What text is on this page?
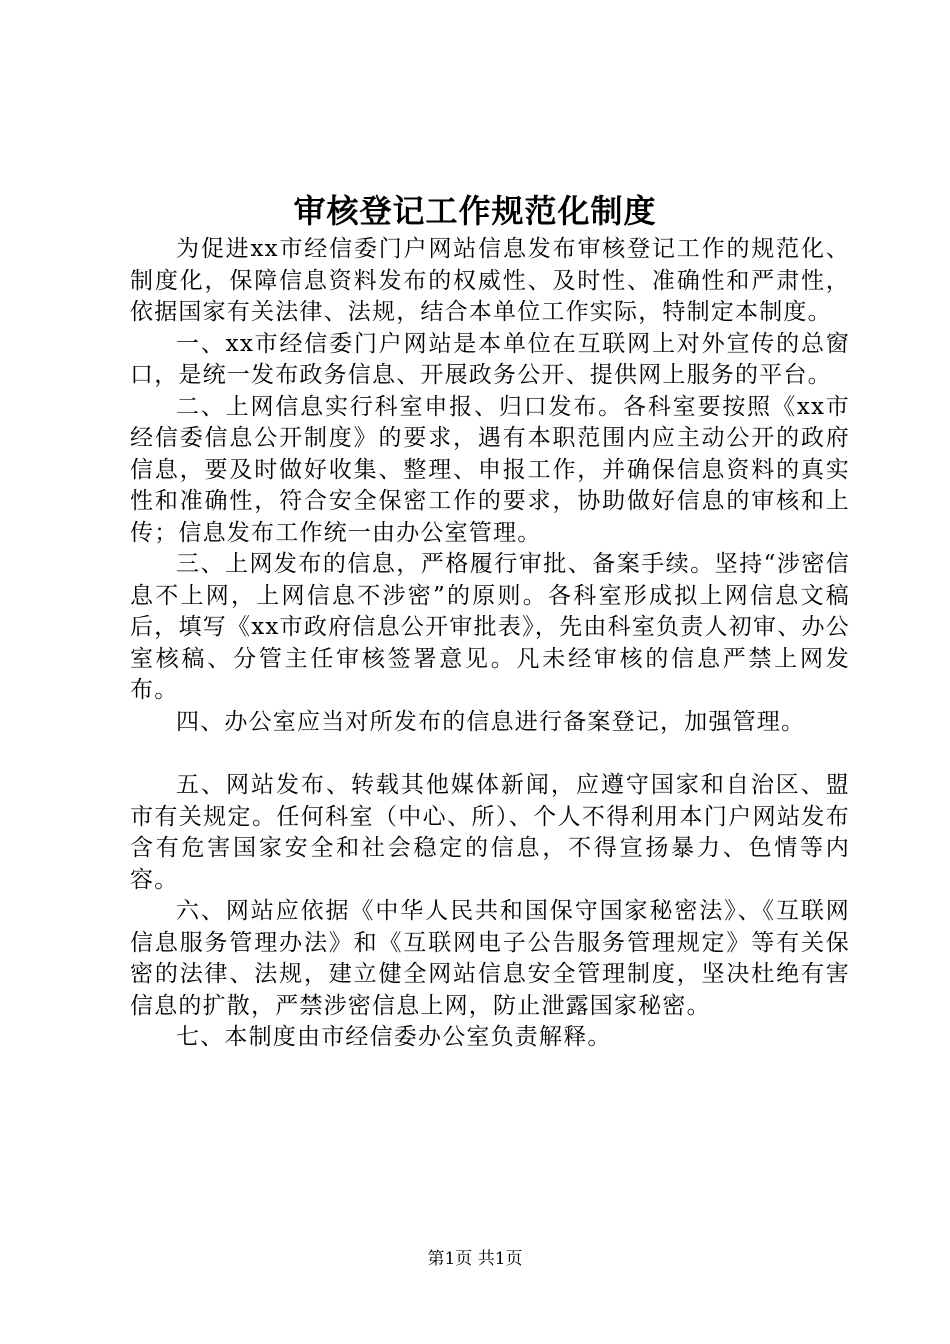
审核登记工作规范化制度

为促进xx市经信委门户网站信息发布审核登记工作的规范化、制度化，保障信息资料发布的权威性、及时性、准确性和严肃性，依据国家有关法律、法规，结合本单位工作实际，特制定本制度。

一、xx市经信委门户网站是本单位在互联网上对外宣传的总窗口，是统一发布政务信息、开展政务公开、提供网上服务的平台。

二、上网信息实行科室申报、归口发布。各科室要按照《xx市经信委信息公开制度》的要求，遇有本职范围内应主动公开的政府信息，要及时做好收集、整理、申报工作，并确保信息资料的真实性和准确性，符合安全保密工作的要求，协助做好信息的审核和上传；信息发布工作统一由办公室管理。

三、上网发布的信息，严格履行审批、备案手续。坚持“涉密信息不上网，上网信息不涉密”的原则。各科室形成拟上网信息文稿后，填写《xx市政府信息公开审批表》，先由科室负责人初审、办公室核稿、分管主任审核签署意见。凡未经审核的信息严禁上网发布。

四、办公室应当对所发布的信息进行备案登记，加强管理。

五、网站发布、转载其他媒体新闻，应遵守国家和自治区、盟市有关规定。任何科室（中心、所）、个人不得利用本门户网站发布含有危害国家安全和社会稳定的信息，不得宣扬暴力、色情等内容。

六、网站应依据《中华人民共和国保守国家秘密法》、《互联网信息服务管理办法》和《互联网电子公告服务管理规定》等有关保密的法律、法规，建立健全网站信息安全管理制度，坚决杜绝有害信息的扩散，严禁涉密信息上网，防止泄露国家秘密。

七、本制度由市经信委办公室负责解释。

第1页 共1页
